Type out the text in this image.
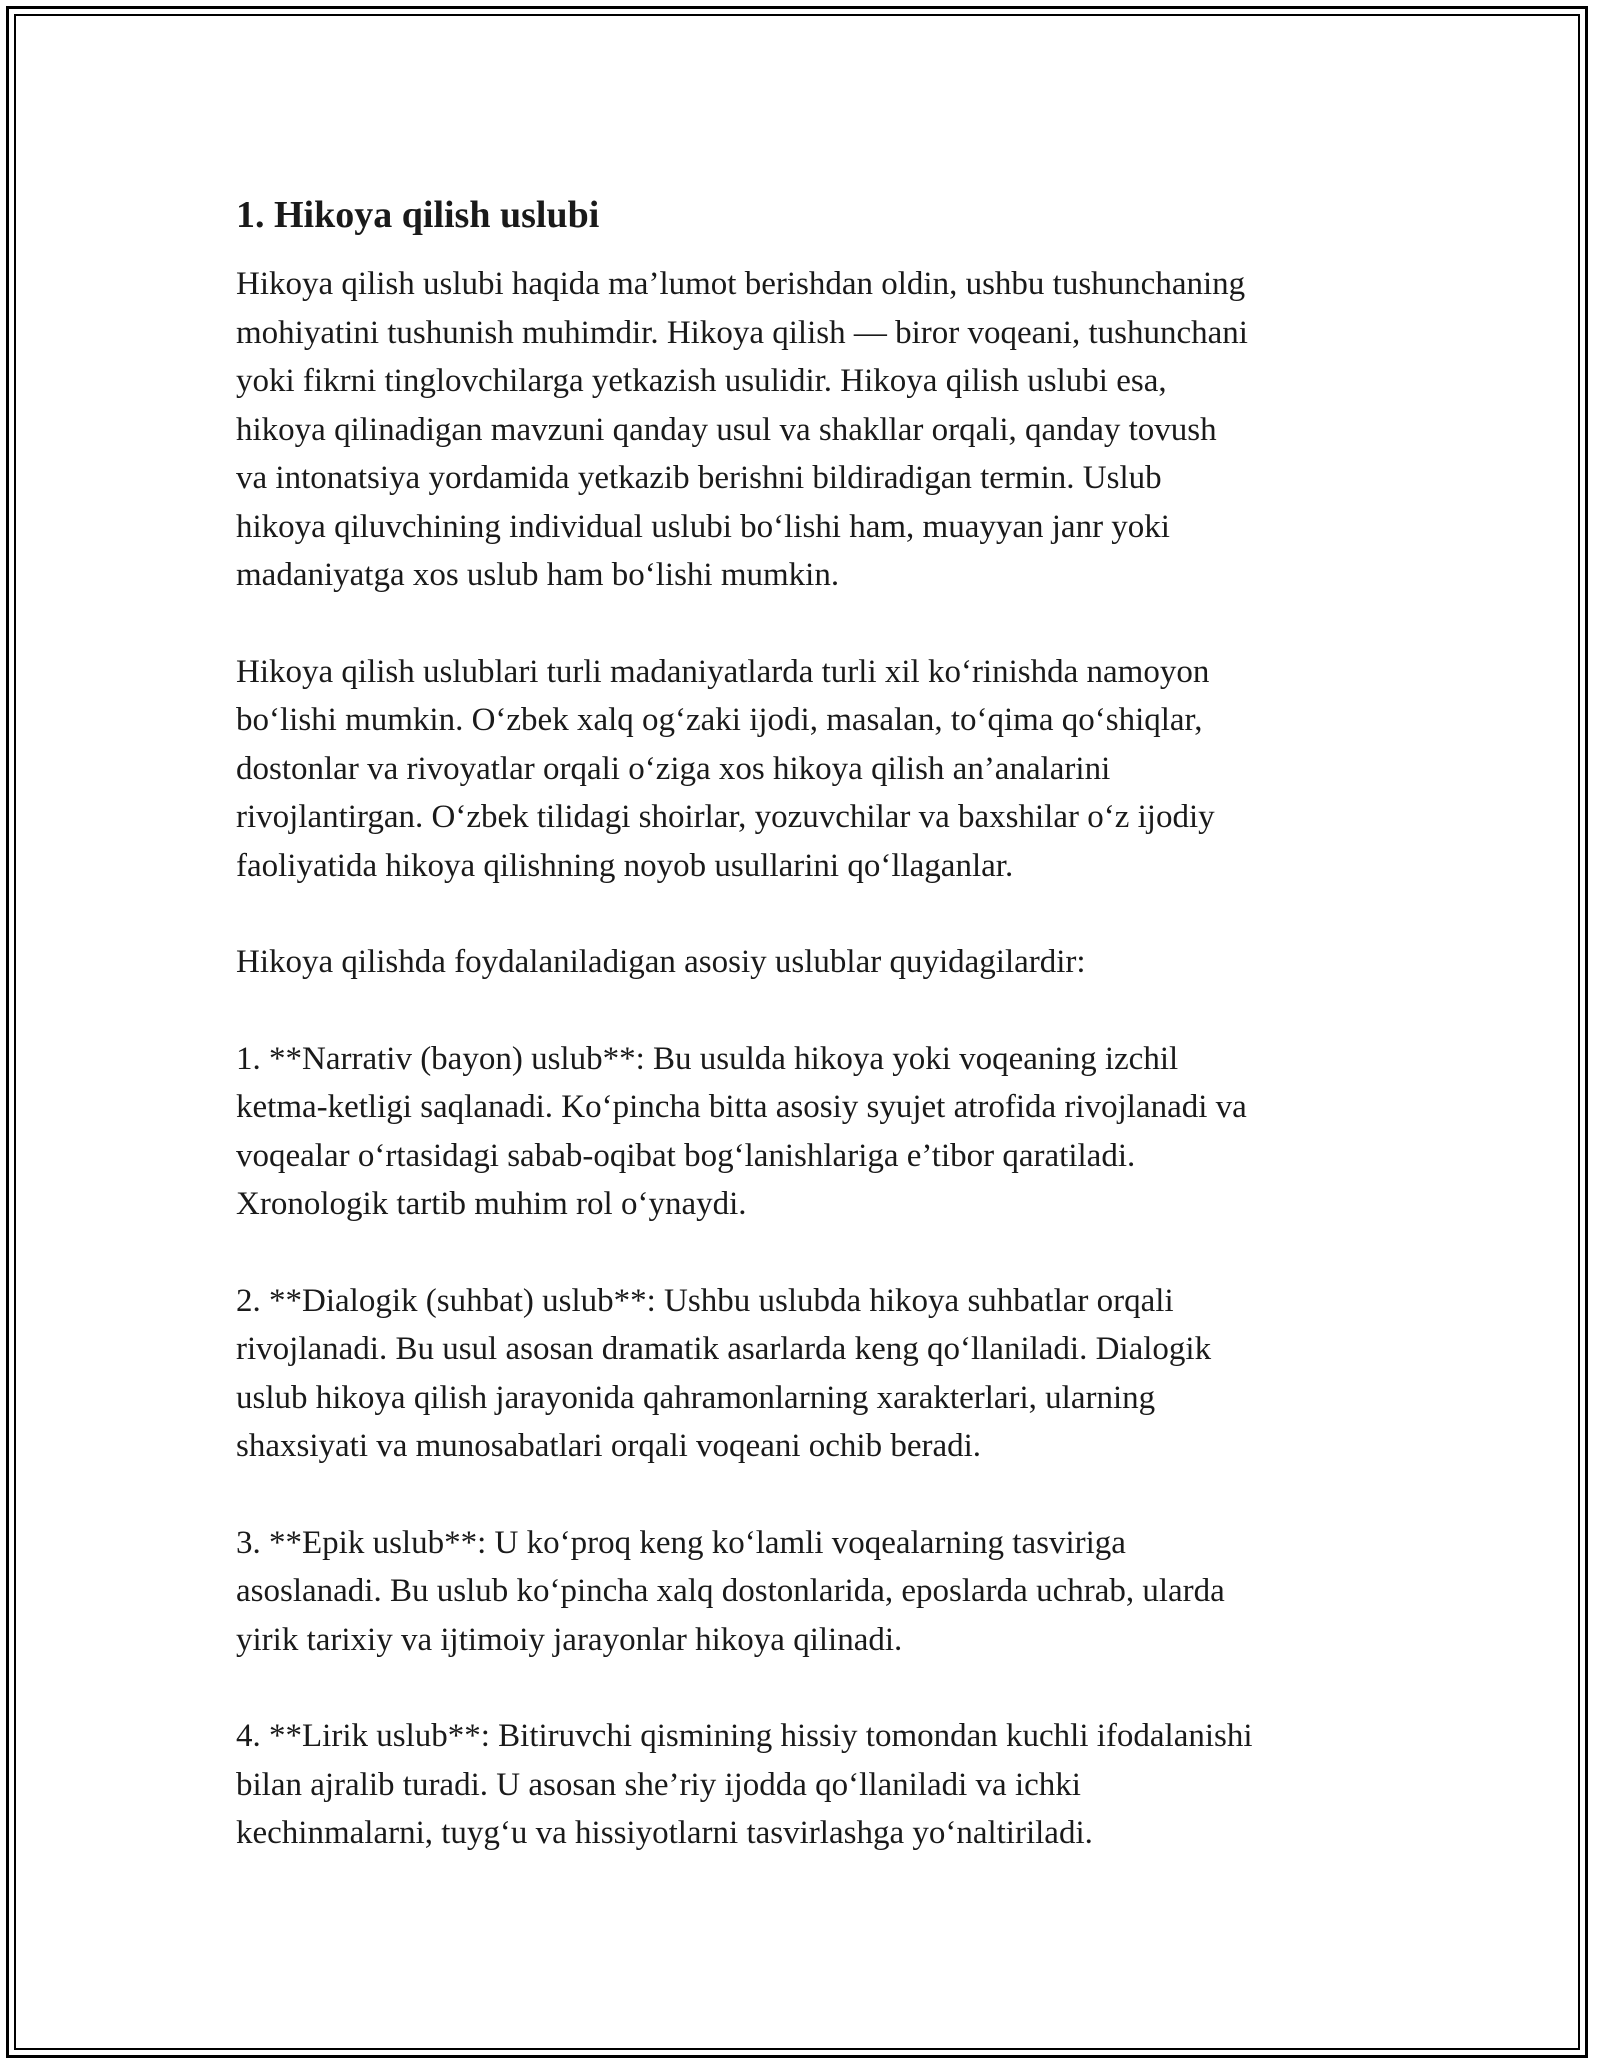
1. Hikoya qilish uslubi

Hikoya qilish uslubi haqida ma’lumot berishdan oldin, ushbu tushunchaning
mohiyatini tushunish muhimdir. Hikoya qilish — biror voqeani, tushunchani
yoki fikrni tinglovchilarga yetkazish usulidir. Hikoya qilish uslubi esa,
hikoya qilinadigan mavzuni qanday usul va shakllar orqali, qanday tovush
va intonatsiya yordamida yetkazib berishni bildiradigan termin. Uslub
hikoya qiluvchining individual uslubi bo‘lishi ham, muayyan janr yoki
madaniyatga xos uslub ham bo‘lishi mumkin.

Hikoya qilish uslublari turli madaniyatlarda turli xil ko‘rinishda namoyon
bo‘lishi mumkin. O‘zbek xalq og‘zaki ijodi, masalan, to‘qima qo‘shiqlar,
dostonlar va rivoyatlar orqali o‘ziga xos hikoya qilish an’analarini
rivojlantirgan. O‘zbek tilidagi shoirlar, yozuvchilar va baxshilar o‘z ijodiy
faoliyatida hikoya qilishning noyob usullarini qo‘llaganlar.

Hikoya qilishda foydalaniladigan asosiy uslublar quyidagilardir:

1. **Narrativ (bayon) uslub**: Bu usulda hikoya yoki voqeaning izchil
ketma-ketligi saqlanadi. Ko‘pincha bitta asosiy syujet atrofida rivojlanadi va
voqealar o‘rtasidagi sabab-oqibat bog‘lanishlariga e’tibor qaratiladi.
Xronologik tartib muhim rol o‘ynaydi.

2. **Dialogik (suhbat) uslub**: Ushbu uslubda hikoya suhbatlar orqali
rivojlanadi. Bu usul asosan dramatik asarlarda keng qo‘llaniladi. Dialogik
uslub hikoya qilish jarayonida qahramonlarning xarakterlari, ularning
shaxsiyati va munosabatlari orqali voqeani ochib beradi.

3. **Epik uslub**: U ko‘proq keng ko‘lamli voqealarning tasviriga
asoslanadi. Bu uslub ko‘pincha xalq dostonlarida, eposlarda uchrab, ularda
yirik tarixiy va ijtimoiy jarayonlar hikoya qilinadi.

4. **Lirik uslub**: Bitiruvchi qismining hissiy tomondan kuchli ifodalanishi
bilan ajralib turadi. U asosan she’riy ijodda qo‘llaniladi va ichki
kechinmalarni, tuyg‘u va hissiyotlarni tasvirlashga yo‘naltiriladi.
